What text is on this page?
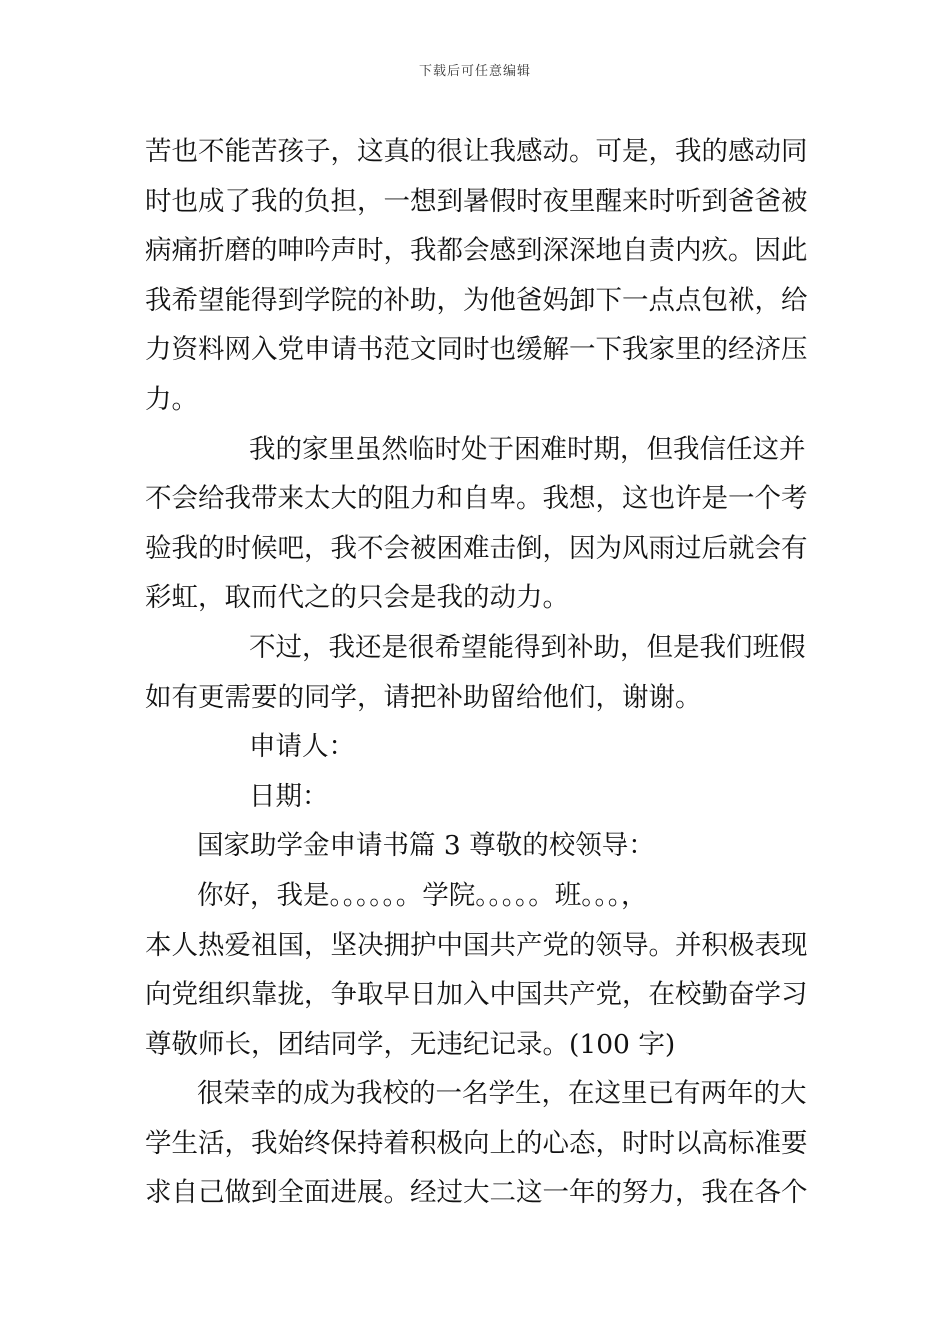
下载后可任意编辑
苦也不能苦孩子，这真的很让我感动。可是，我的感动同
时也成了我的负担，一想到暑假时夜里醒来时听到爸爸被
病痛折磨的呻吟声时，我都会感到深深地自责内疚。因此
我希望能得到学院的补助，为他爸妈卸下一点点包袱，给
力资料网入党申请书范文同时也缓解一下我家里的经济压
力。
我的家里虽然临时处于困难时期，但我信任这并
不会给我带来太大的阻力和自卑。我想，这也许是一个考
验我的时候吧，我不会被困难击倒，因为风雨过后就会有
彩虹，取而代之的只会是我的动力。
不过，我还是很希望能得到补助，但是我们班假
如有更需要的同学，请把补助留给他们，谢谢。
申请人：
日期：
国家助学金申请书篇 3 尊敬的校领导：
你好，我是。。。。。。学院。。。。。班。。。，
本人热爱祖国，坚决拥护中国共产党的领导。并积极表现
向党组织靠拢，争取早日加入中国共产党，在校勤奋学习
尊敬师长，团结同学，无违纪记录。(100 字)
很荣幸的成为我校的一名学生，在这里已有两年的大
学生活，我始终保持着积极向上的心态，时时以高标准要
求自己做到全面进展。经过大二这一年的努力，我在各个
